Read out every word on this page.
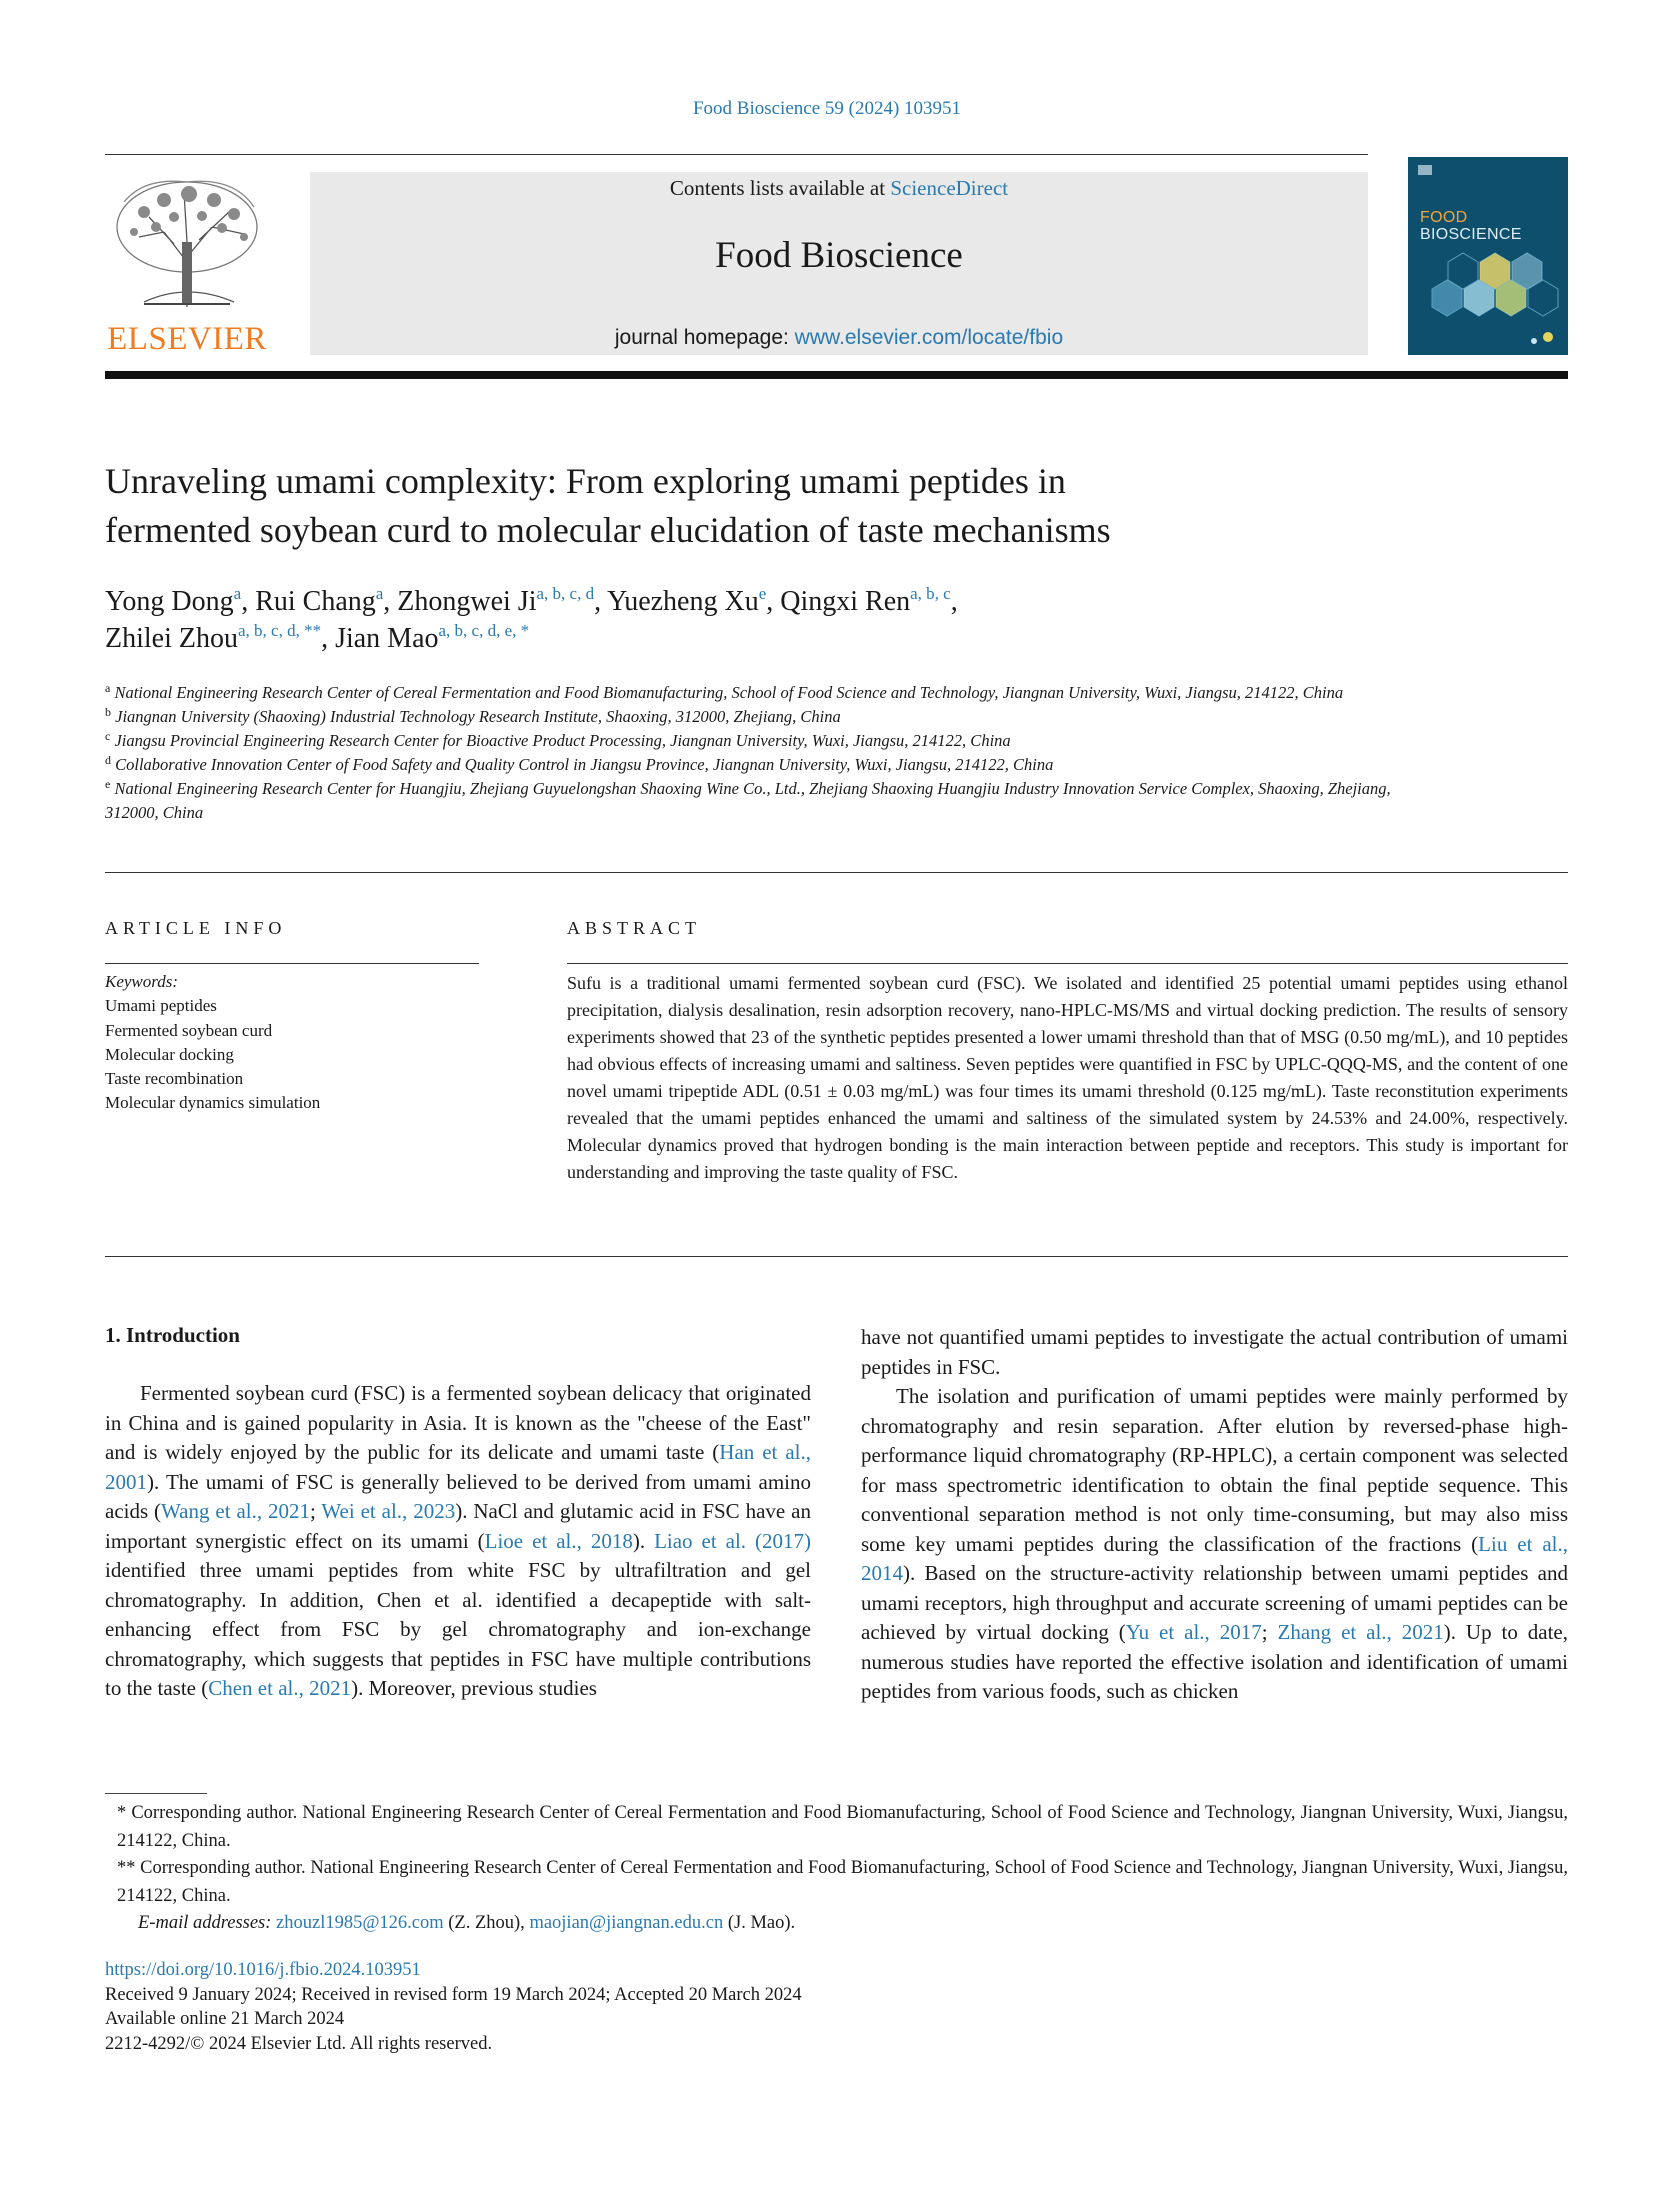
Food Bioscience 59 (2024) 103951
ELSEVIER
Contents lists available at ScienceDirect
Food Bioscience
journal homepage: www.elsevier.com/locate/fbio
FOOD
BIOSCIENCE
Unraveling umami complexity: From exploring umami peptides in
fermented soybean curd to molecular elucidation of taste mechanisms
Yong Dong$^a$, Rui Chang$^a$, Zhongwei Ji$^{a, b, c, d}$, Yuezheng Xu$^e$, Qingxi Ren$^{a, b, c}$,
Zhilei Zhou$^{a, b, c, d, **}$, Jian Mao$^{a, b, c, d, e, *}$
$^a$ National Engineering Research Center of Cereal Fermentation and Food Biomanufacturing, School of Food Science and Technology, Jiangnan University, Wuxi, Jiangsu, 214122, China
$^b$ Jiangnan University (Shaoxing) Industrial Technology Research Institute, Shaoxing, 312000, Zhejiang, China
$^c$ Jiangsu Provincial Engineering Research Center for Bioactive Product Processing, Jiangnan University, Wuxi, Jiangsu, 214122, China
$^d$ Collaborative Innovation Center of Food Safety and Quality Control in Jiangsu Province, Jiangnan University, Wuxi, Jiangsu, 214122, China
$^e$ National Engineering Research Center for Huangjiu, Zhejiang Guyuelongshan Shaoxing Wine Co., Ltd., Zhejiang Shaoxing Huangjiu Industry Innovation Service Complex, Shaoxing, Zhejiang, 312000, China
ARTICLE INFO	ABSTRACT
Keywords:
Umami peptides
Fermented soybean curd
Molecular docking
Taste recombination
Molecular dynamics simulation
Sufu is a traditional umami fermented soybean curd (FSC). We isolated and identified 25 potential umami peptides using ethanol precipitation, dialysis desalination, resin adsorption recovery, nano-HPLC-MS/MS and virtual docking prediction. The results of sensory experiments showed that 23 of the synthetic peptides presented a lower umami threshold than that of MSG (0.50 mg/mL), and 10 peptides had obvious effects of increasing umami and saltiness. Seven peptides were quantified in FSC by UPLC-QQQ-MS, and the content of one novel umami tripeptide ADL (0.51 ± 0.03 mg/mL) was four times its umami threshold (0.125 mg/mL). Taste reconstitution experiments revealed that the umami peptides enhanced the umami and saltiness of the simulated system by 24.53% and 24.00%, respectively. Molecular dynamics proved that hydrogen bonding is the main interaction between peptide and receptors. This study is important for understanding and improving the taste quality of FSC.
1. Introduction

Fermented soybean curd (FSC) is a fermented soybean delicacy that originated in China and is gained popularity in Asia. It is known as the "cheese of the East" and is widely enjoyed by the public for its delicate and umami taste (Han et al., 2001). The umami of FSC is generally believed to be derived from umami amino acids (Wang et al., 2021; Wei et al., 2023). NaCl and glutamic acid in FSC have an important synergistic effect on its umami (Lioe et al., 2018). Liao et al. (2017) identified three umami peptides from white FSC by ultrafiltration and gel chromatography. In addition, Chen et al. identified a decapeptide with salt-enhancing effect from FSC by gel chromatography and ion-exchange chromatography, which suggests that peptides in FSC have multiple contributions to the taste (Chen et al., 2021). Moreover, previous studies

have not quantified umami peptides to investigate the actual contribution of umami peptides in FSC.

The isolation and purification of umami peptides were mainly performed by chromatography and resin separation. After elution by reversed-phase high-performance liquid chromatography (RP-HPLC), a certain component was selected for mass spectrometric identification to obtain the final peptide sequence. This conventional separation method is not only time-consuming, but may also miss some key umami peptides during the classification of the fractions (Liu et al., 2014). Based on the structure-activity relationship between umami peptides and umami receptors, high throughput and accurate screening of umami peptides can be achieved by virtual docking (Yu et al., 2017; Zhang et al., 2021). Up to date, numerous studies have reported the effective isolation and identification of umami peptides from various foods, such as chicken

* Corresponding author. National Engineering Research Center of Cereal Fermentation and Food Biomanufacturing, School of Food Science and Technology, Jiangnan University, Wuxi, Jiangsu, 214122, China.

** Corresponding author. National Engineering Research Center of Cereal Fermentation and Food Biomanufacturing, School of Food Science and Technology, Jiangnan University, Wuxi, Jiangsu, 214122, China.

E-mail addresses: zhouzl1985@126.com (Z. Zhou), maojian@jiangnan.edu.cn (J. Mao).

https://doi.org/10.1016/j.fbio.2024.103951

Received 9 January 2024; Received in revised form 19 March 2024; Accepted 20 March 2024

Available online 21 March 2024

2212-4292/© 2024 Elsevier Ltd. All rights reserved.
